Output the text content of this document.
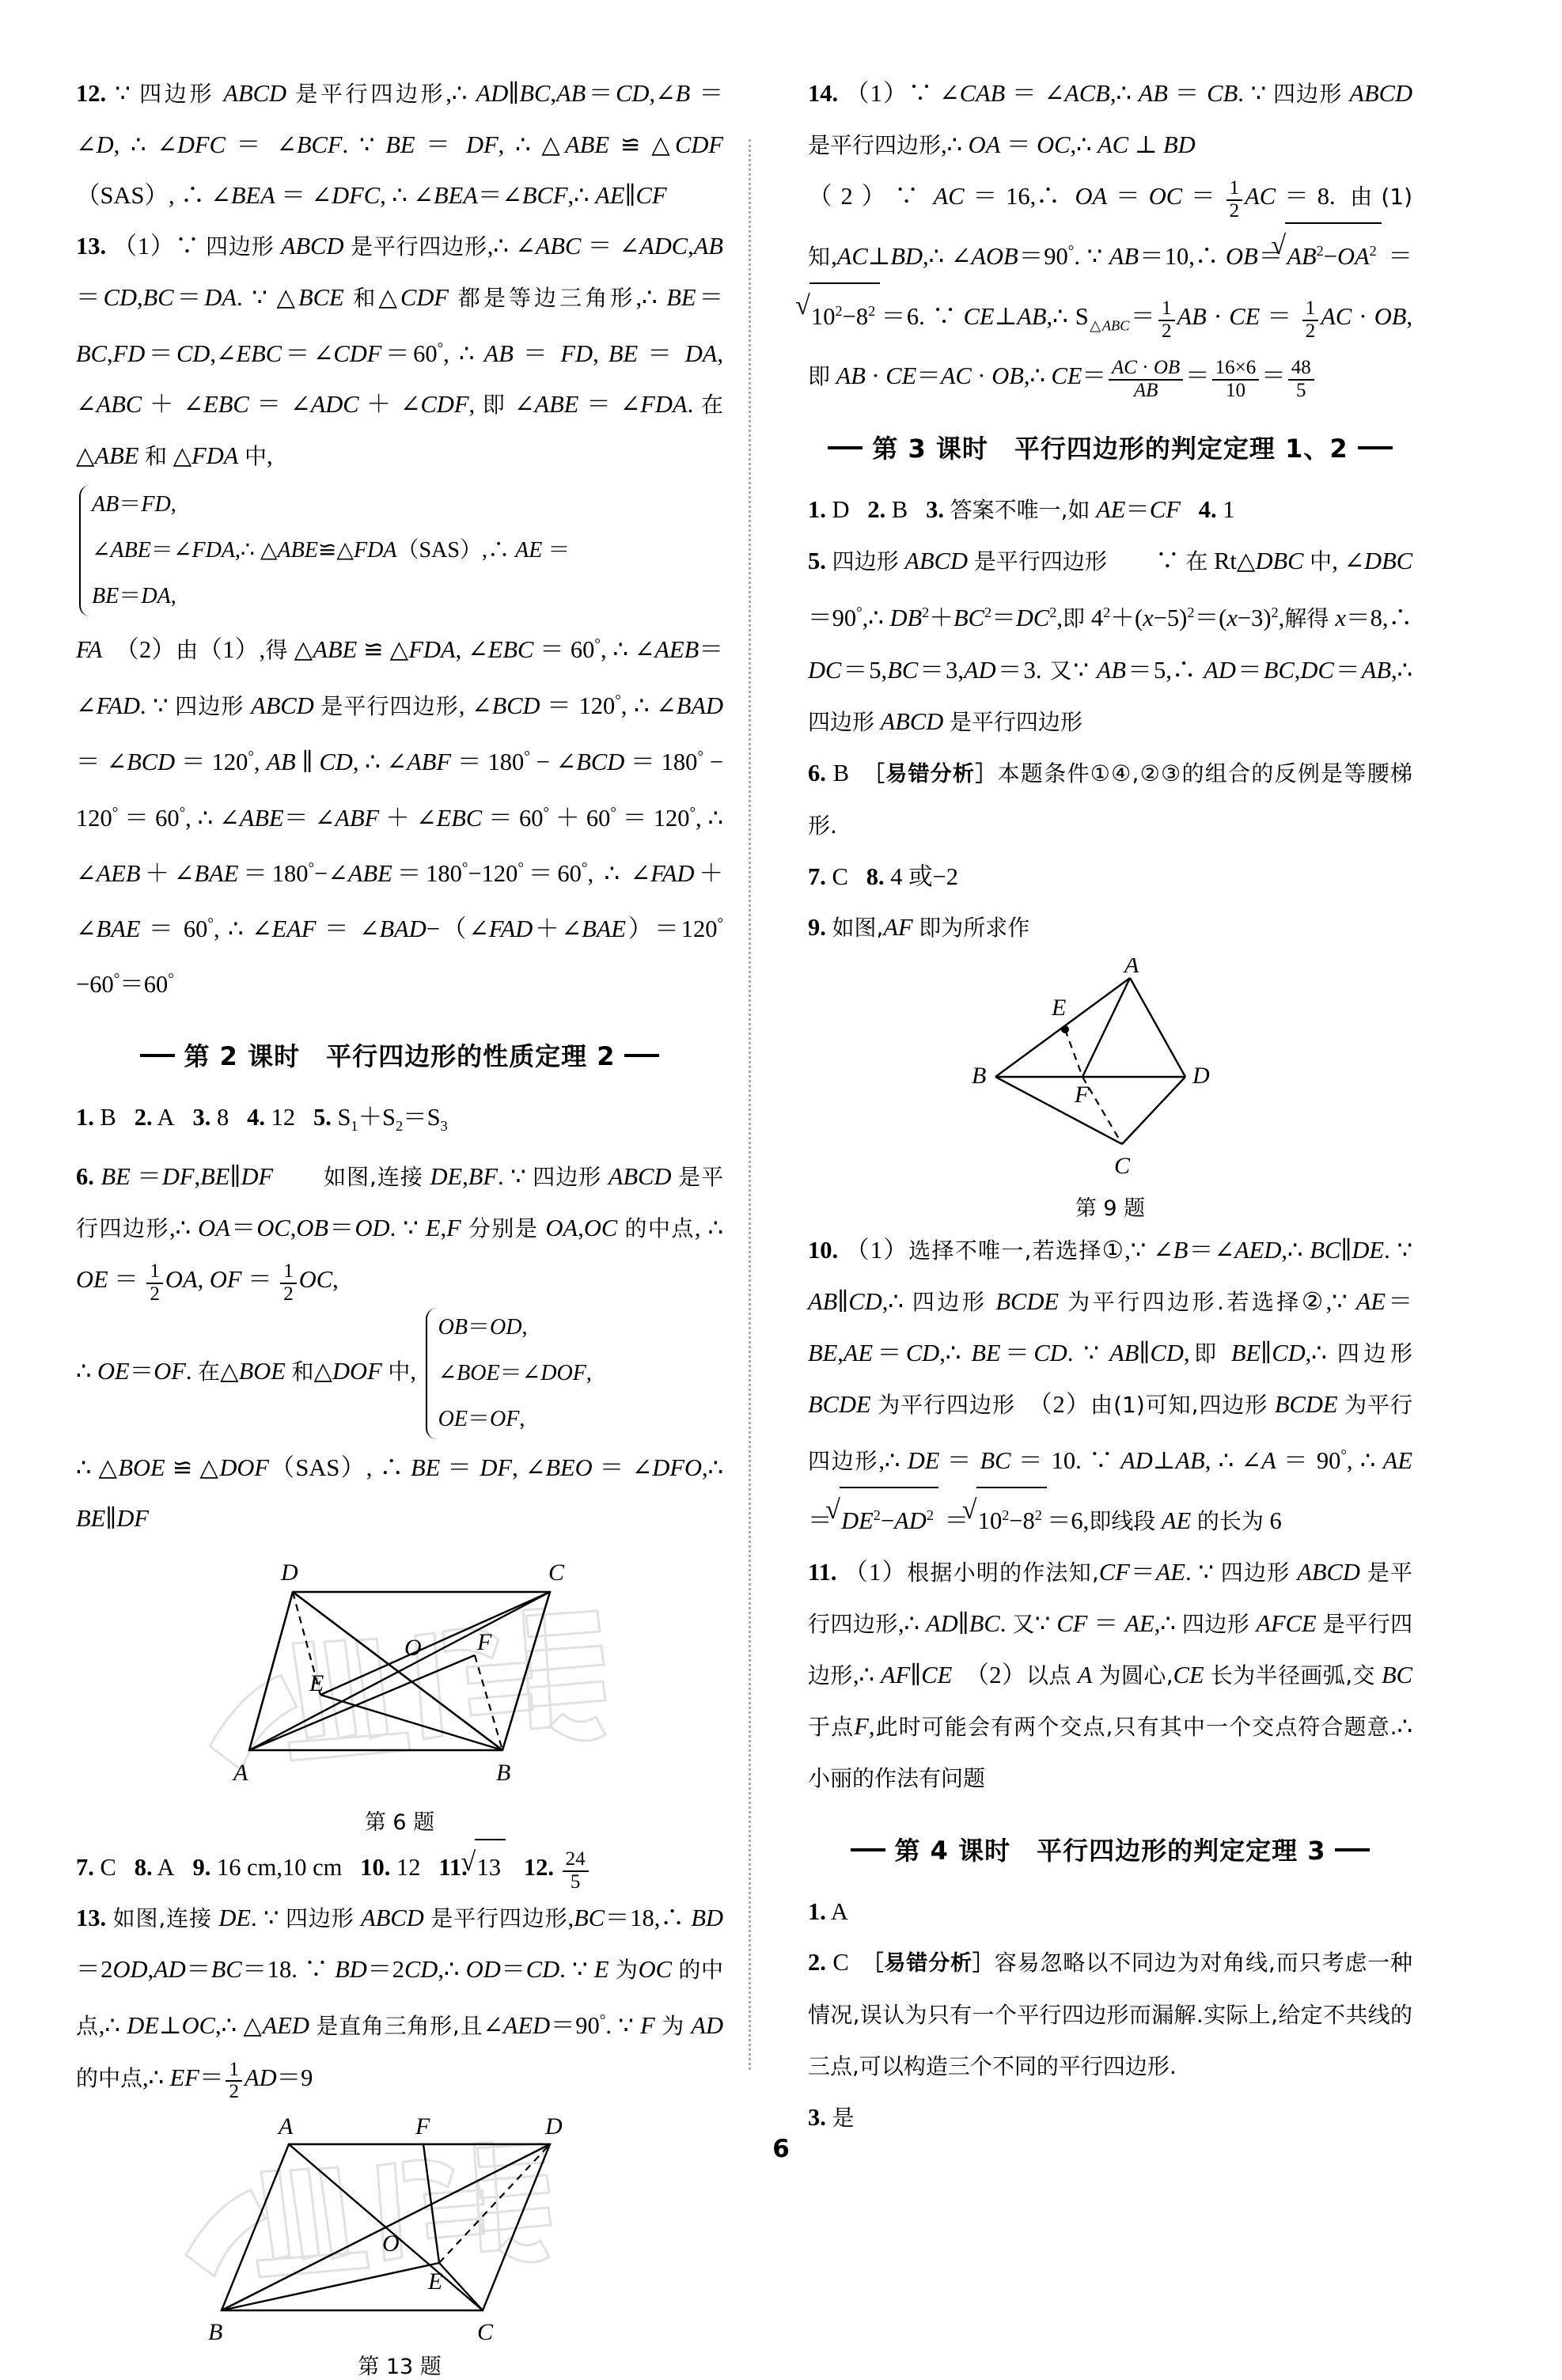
12. ∵ 四边形 ABCD 是平行四边形,∴ AD∥BC,AB＝CD,∠B ＝ ∠D, ∴ ∠DFC ＝ ∠BCF. ∵ BE ＝ DF, ∴ △ABE ≌ △CDF（SAS）, ∴ ∠BEA ＝ ∠DFC, ∴ ∠BEA＝∠BCF,∴ AE∥CF

13. （1）∵ 四边形 ABCD 是平行四边形,∴ ∠ABC ＝ ∠ADC,AB＝CD,BC＝DA. ∵ △BCE 和△CDF 都是等边三角形,∴ BE＝BC,FD＝CD,∠EBC＝∠CDF＝60°, ∴ AB ＝ FD, BE ＝ DA, ∠ABC ＋ ∠EBC ＝ ∠ADC ＋ ∠CDF, 即 ∠ABE ＝ ∠FDA. 在 △ABE 和 △FDA 中,

AB＝FD,
∠ABE＝∠FDA,∴ △ABE≌△FDA（SAS）,∴ AE ＝
BE＝DA,

FA　（2）由（1）,得 △ABE ≌ △FDA, ∠EBC ＝ 60°, ∴ ∠AEB＝∠FAD. ∵ 四边形 ABCD 是平行四边形, ∠BCD ＝ 120°, ∴ ∠BAD ＝ ∠BCD ＝ 120°, AB ∥ CD, ∴ ∠ABF ＝ 180° − ∠BCD ＝ 180° − 120° ＝ 60°, ∴ ∠ABE＝ ∠ABF ＋ ∠EBC ＝ 60° ＋ 60° ＝ 120°, ∴ ∠AEB＋∠BAE＝180°−∠ABE＝180°−120°＝60°, ∴ ∠FAD＋ ∠BAE ＝ 60°, ∴ ∠EAF ＝ ∠BAD−（∠FAD＋∠BAE）＝120°−60°＝60°

第 2 课时　平行四边形的性质定理 2

1. B 2. A 3. 8 4. 12 5. $S_1+S_2=S_3$

6. BE ＝DF,BE∥DF　　 如图,连接 DE,BF. ∵ 四边形 ABCD 是平行四边形,∴ OA＝OC,OB＝OD. ∵ E,F 分别是 OA,OC 的中点, ∴ OE ＝ $\frac{1}{2}$ OA, OF ＝ $\frac{1}{2}$ OC,

∴ OE＝OF. 在△BOE 和△DOF 中,
OB＝OD,
∠BOE＝∠DOF,
OE＝OF,

∴ △BOE ≌ △DOF（SAS）, ∴ BE ＝ DF, ∠BEO ＝ ∠DFO,∴ BE∥DF

D	C
O F
E
A	B
第 6 题

7. C 8. A 9. 16 cm,10 cm 10. 12 11. √ 13 12. $\frac{24}{5}$

13. 如图,连接 DE. ∵ 四边形 ABCD 是平行四边形,BC＝18,∴ BD＝2OD,AD＝BC＝18. ∵ BD＝2CD,∴ OD＝CD. ∵ E 为OC 的中点,∴ DE⊥OC,∴ △AED 是直角三角形,且∠AED＝90°. ∵ F 为 AD 的中点,∴ $EF= \frac{1}{2} AD=9$

A	F	D
O
E
B	C
第 13 题

14. （1）∵ ∠CAB ＝ ∠ACB,∴ AB ＝ CB. ∵ 四边形 ABCD 是平行四边形,∴ OA ＝ OC,∴ AC ⊥ BD

（2）∵ AC＝16,∴ $OA=OC= \frac{1}{2} AC=8$. 由(1)知,AC⊥BD,∴ ∠AOB＝90°. ∵ AB＝10,∴ OB＝ √ $AB^2-OA^2$ ＝ √ $10^2-8^2 =6$. ∵ CE⊥AB,∴ $S_{\triangle ABC}= \frac{1}{2}$ AB · CE ＝ $\frac{1}{2}$ AC · OB,即 AB · CE＝AC · OB,∴ $CE= \frac{AC \cdot OB}{AB} = \frac{16\times 6}{10} = \frac{48}{5}$

第 3 课时　平行四边形的判定定理 1、2

1. D 2. B 3. 答案不唯一,如 AE＝CF 4. 1

5. 四边形 ABCD 是平行四边形　　 ∵ 在 Rt△DBC 中, ∠DBC＝90°,∴ $DB^2+BC^2=DC^2$,即 $4^2+(x-5)^2=(x-3)^2$,解得 x＝8,∴ DC＝5,BC＝3,AD＝3. 又∵ AB＝5,∴ AD＝BC,DC＝AB,∴ 四边形 ABCD 是平行四边形

6. B ［易错分析］本题条件①④,②③的组合的反例是等腰梯形.

7. C 8. 4 或−2

9. 如图,AF 即为所求作

A
E
B
F
D
C
第 9 题

10. （1）选择不唯一,若选择①,∵ ∠B＝∠AED,∴ BC∥DE. ∵ AB∥CD,∴ 四边形 BCDE 为平行四边形.若选择②,∵ AE＝BE,AE＝CD,∴ BE＝CD. ∵ AB∥CD,即 BE∥CD,∴ 四边形 BCDE 为平行四边形　（2）由(1)可知,四边形 BCDE 为平行四边形,∴ DE ＝ BC ＝ 10. ∵ AD⊥AB, ∴ ∠A ＝ 90°, ∴ AE ＝ √ $DE^2-AD^2$ ＝ √ $10^2-8^2 =6$,即线段 AE 的长为 6

11. （1）根据小明的作法知,CF＝AE. ∵ 四边形 ABCD 是平行四边形,∴ AD∥BC. 又∵ CF ＝ AE,∴ 四边形 AFCE 是平行四边形,∴ AF∥CE　（2）以点 A 为圆心,CE 长为半径画弧,交 BC 于点F,此时可能会有两个交点,只有其中一个交点符合题意.∴ 小丽的作法有问题

第 4 课时　平行四边形的判定定理 3

1. A

2. C ［易错分析］容易忽略以不同边为对角线,而只考虑一种情况,误认为只有一个平行四边形而漏解.实际上,给定不共线的三点,可以构造三个不同的平行四边形.

3. 是

6
